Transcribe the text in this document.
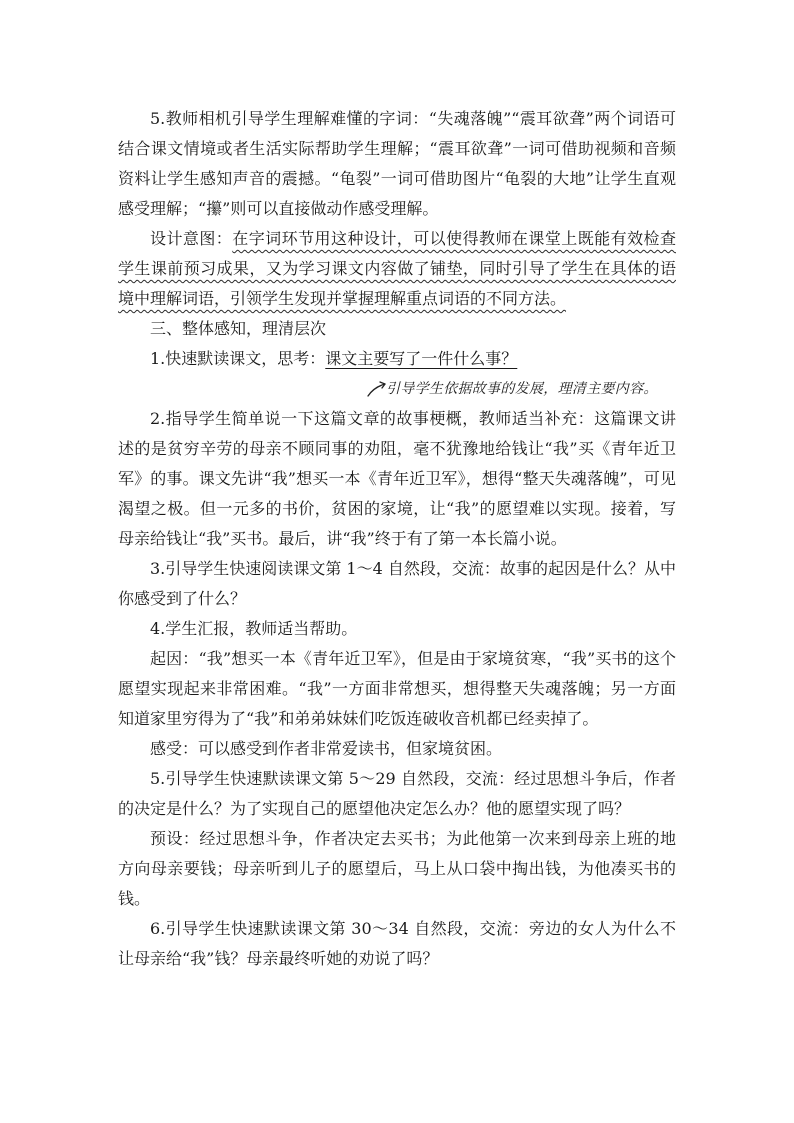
5.教师相机引导学生理解难懂的字词：“失魂落魄”“震耳欲聋”两个词语可结合课文情境或者生活实际帮助学生理解；“震耳欲聋”一词可借助视频和音频资料让学生感知声音的震撼。“龟裂”一词可借助图片“龟裂的大地”让学生直观感受理解；“攥”则可以直接做动作感受理解。

设计意图：在字词环节用这种设计，可以使得教师在课堂上既能有效检查学生课前预习成果，又为学习课文内容做了铺垫，同时引导了学生在具体的语境中理解词语，引领学生发现并掌握理解重点词语的不同方法。

三、整体感知，理清层次

1.快速默读课文，思考：课文主要写了一件什么事？

引导学生依据故事的发展，理清主要内容。

2.指导学生简单说一下这篇文章的故事梗概，教师适当补充：这篇课文讲述的是贫穷辛劳的母亲不顾同事的劝阻，毫不犹豫地给钱让“我”买《青年近卫军》的事。课文先讲“我”想买一本《青年近卫军》，想得“整天失魂落魄”，可见渴望之极。但一元多的书价，贫困的家境，让“我”的愿望难以实现。接着，写母亲给钱让“我”买书。最后，讲“我”终于有了第一本长篇小说。

3.引导学生快速阅读课文第 1～4 自然段，交流：故事的起因是什么？从中你感受到了什么？

4.学生汇报，教师适当帮助。

起因：“我”想买一本《青年近卫军》，但是由于家境贫寒，“我”买书的这个愿望实现起来非常困难。“我”一方面非常想买，想得整天失魂落魄；另一方面知道家里穷得为了“我”和弟弟妹妹们吃饭连破收音机都已经卖掉了。

感受：可以感受到作者非常爱读书，但家境贫困。

5.引导学生快速默读课文第 5～29 自然段，交流：经过思想斗争后，作者的决定是什么？为了实现自己的愿望他决定怎么办？他的愿望实现了吗？

预设：经过思想斗争，作者决定去买书；为此他第一次来到母亲上班的地方向母亲要钱；母亲听到儿子的愿望后，马上从口袋中掏出钱，为他凑买书的钱。

6.引导学生快速默读课文第 30～34 自然段，交流：旁边的女人为什么不让母亲给“我”钱？母亲最终听她的劝说了吗？
